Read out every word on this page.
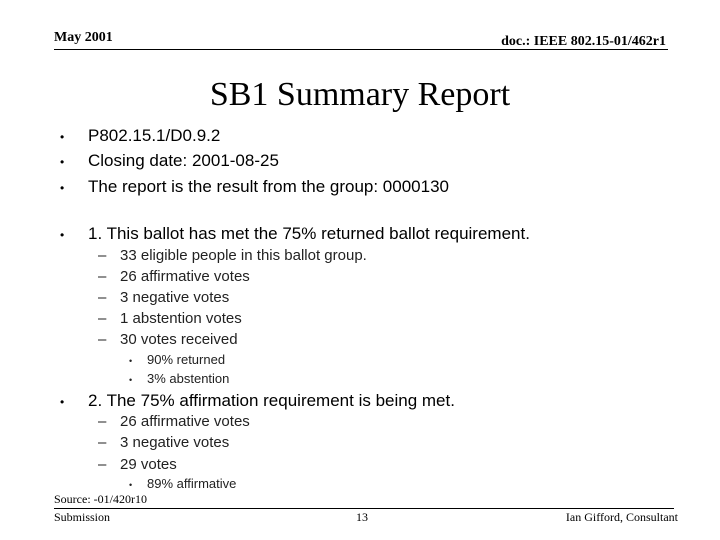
May 2001	doc.: IEEE 802.15-01/462r1
SB1 Summary Report
•	P802.15.1/D0.9.2
•	Closing date: 2001-08-25
•	The report is the result from the group: 0000130
•	1. This ballot has met the 75% returned ballot requirement.
– 33 eligible people in this ballot group.
– 26 affirmative votes
– 3 negative votes
– 1 abstention votes
– 30 votes received
•	90% returned
•	3% abstention
•	2. The 75% affirmation requirement is being met.
– 26 affirmative votes
– 3 negative votes
– 29 votes
•	89% affirmative
Source: -01/420r10
Submission	13	Ian Gifford, Consultant
